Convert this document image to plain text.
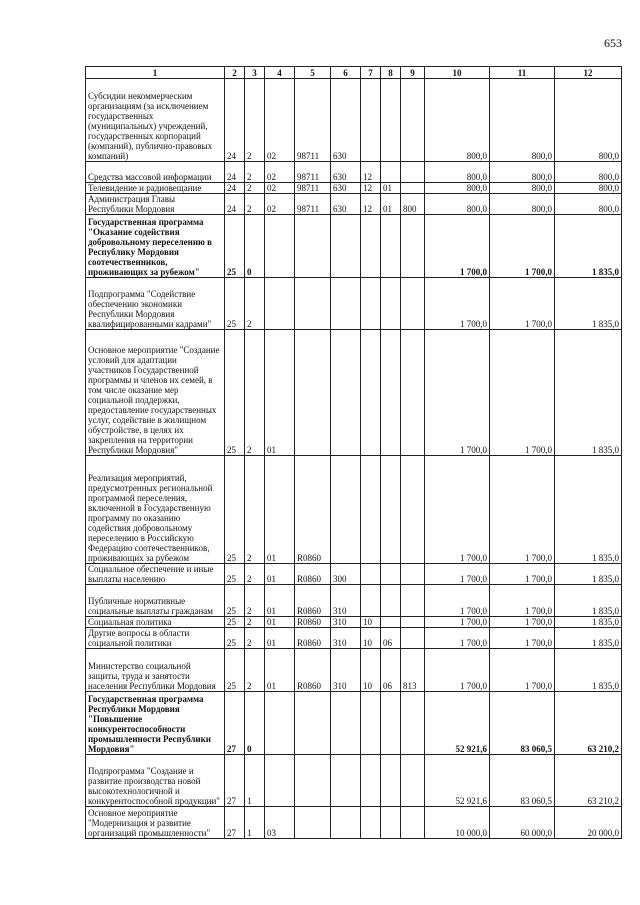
653
1	2	3	4	5	6	7	8	9	10	11	12
Субсидии некоммерческим организациям (за исключением государственных (муниципальных) учреждений, государственных корпораций (компаний), публично-правовых компаний)	24	2	02	98711	630				800,0	800,0	800,0
Средства массовой информации	24	2	02	98711	630	12			800,0	800,0	800,0
Телевидение и радиовещание	24	2	02	98711	630	12	01		800,0	800,0	800,0
Администрация Главы Республики Мордовия	24	2	02	98711	630	12	01	800	800,0	800,0	800,0
Государственная программа "Оказание содействия добровольному переселению в Республику Мордовия соотечественников, проживающих за рубежом"	25	0							1 700,0	1 700,0	1 835,0
Подпрограмма "Содействие обеспечению экономики Республики Мордовия квалифицированными кадрами"	25	2							1 700,0	1 700,0	1 835,0
Основное мероприятие "Создание условий для адаптации участников Государственной программы и членов их семей, в том числе оказание мер социальной поддержки, предоставление государственных услуг, содействие в жилищном обустройстве, в целях их закрепления на территории Республики Мордовия"	25	2	01						1 700,0	1 700,0	1 835,0
Реализация мероприятий, предусмотренных региональной программой переселения, включенной в Государственную программу по оказанию содействия добровольному переселению в Российскую Федерацию соотечественников, проживающих за рубежом	25	2	01	R0860					1 700,0	1 700,0	1 835,0
Социальное обеспечение и иные выплаты населению	25	2	01	R0860	300				1 700,0	1 700,0	1 835,0
Публичные нормативные социальные выплаты гражданам	25	2	01	R0860	310				1 700,0	1 700,0	1 835,0
Социальная политика	25	2	01	R0860	310	10			1 700,0	1 700,0	1 835,0
Другие вопросы в области социальной политики	25	2	01	R0860	310	10	06		1 700,0	1 700,0	1 835,0
Министерство социальной защиты, труда и занятости населения Республики Мордовия	25	2	01	R0860	310	10	06	813	1 700,0	1 700,0	1 835,0
Государственная программа Республики Мордовия "Повышение конкурентоспособности промышленности Республики Мордовия"	27	0							52 921,6	83 060,5	63 210,2
Подпрограмма "Создание и развитие производства новой высокотехнологичной и конкурентоспособной продукции"	27	1							52 921,6	83 060,5	63 210,2
Основное мероприятие "Модернизация и развитие организаций промышленности"	27	1	03						10 000,0	60 000,0	20 000,0
